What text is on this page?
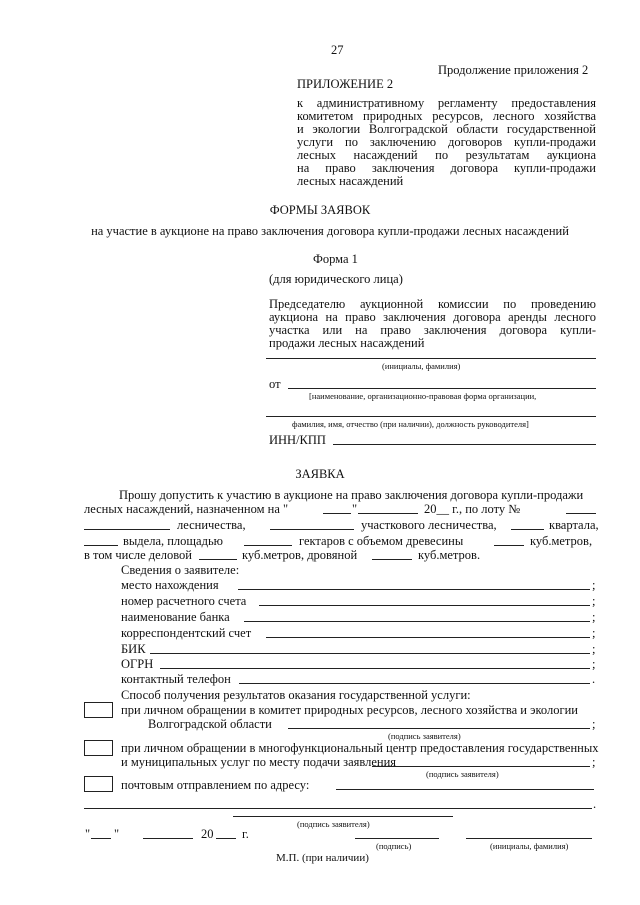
27
Продолжение приложения 2
ПРИЛОЖЕНИЕ 2
к административному регламенту предоставления
комитетом природных ресурсов, лесного хозяйства
и экологии Волгоградской области государственной
услуги по заключению договоров купли-продажи
лесных насаждений по результатам аукциона
на право заключения договора купли-продажи
лесных насаждений
ФОРМЫ ЗАЯВОК
на участие в аукционе на право заключения договора купли-продажи лесных насаждений
Форма 1
(для юридического лица)
Председателю аукционной комиссии по проведению
аукциона на право заключения договора аренды лесного
участка или на право заключения договора купли-
продажи лесных насаждений
(инициалы, фамилия)
от
[наименование, организационно-правовая форма организации,
фамилия, имя, отчество (при наличии), должность руководителя]
ИНН/КПП
ЗАЯВКА
Прошу допустить к участию в аукционе на право заключения договора купли-продажи
лесных насаждений, назначенном на "	"	20__ г., по лоту №
лесничества,	участкового лесничества,	квартала,
выдела, площадью	гектаров с объемом древесины	куб.метров,
в том числе деловой	куб.метров, дровяной	куб.метров.
Сведения о заявителе:
место нахождения	;
номер расчетного счета	;
наименование банка	;
корреспондентский счет	;
БИК	;
ОГРН	;
контактный телефон	.
Способ получения результатов оказания государственной услуги:
при личном обращении в комитет природных ресурсов, лесного хозяйства и экологии
Волгоградской области	;
(подпись заявителя)
при личном обращении в многофункциональный центр предоставления государственных
и муниципальных услуг по месту подачи заявления	;
(подпись заявителя)
почтовым отправлением по адресу:
.
(подпись заявителя)
" "	20 г.
(подпись)	(инициалы, фамилия)
М.П. (при наличии)
